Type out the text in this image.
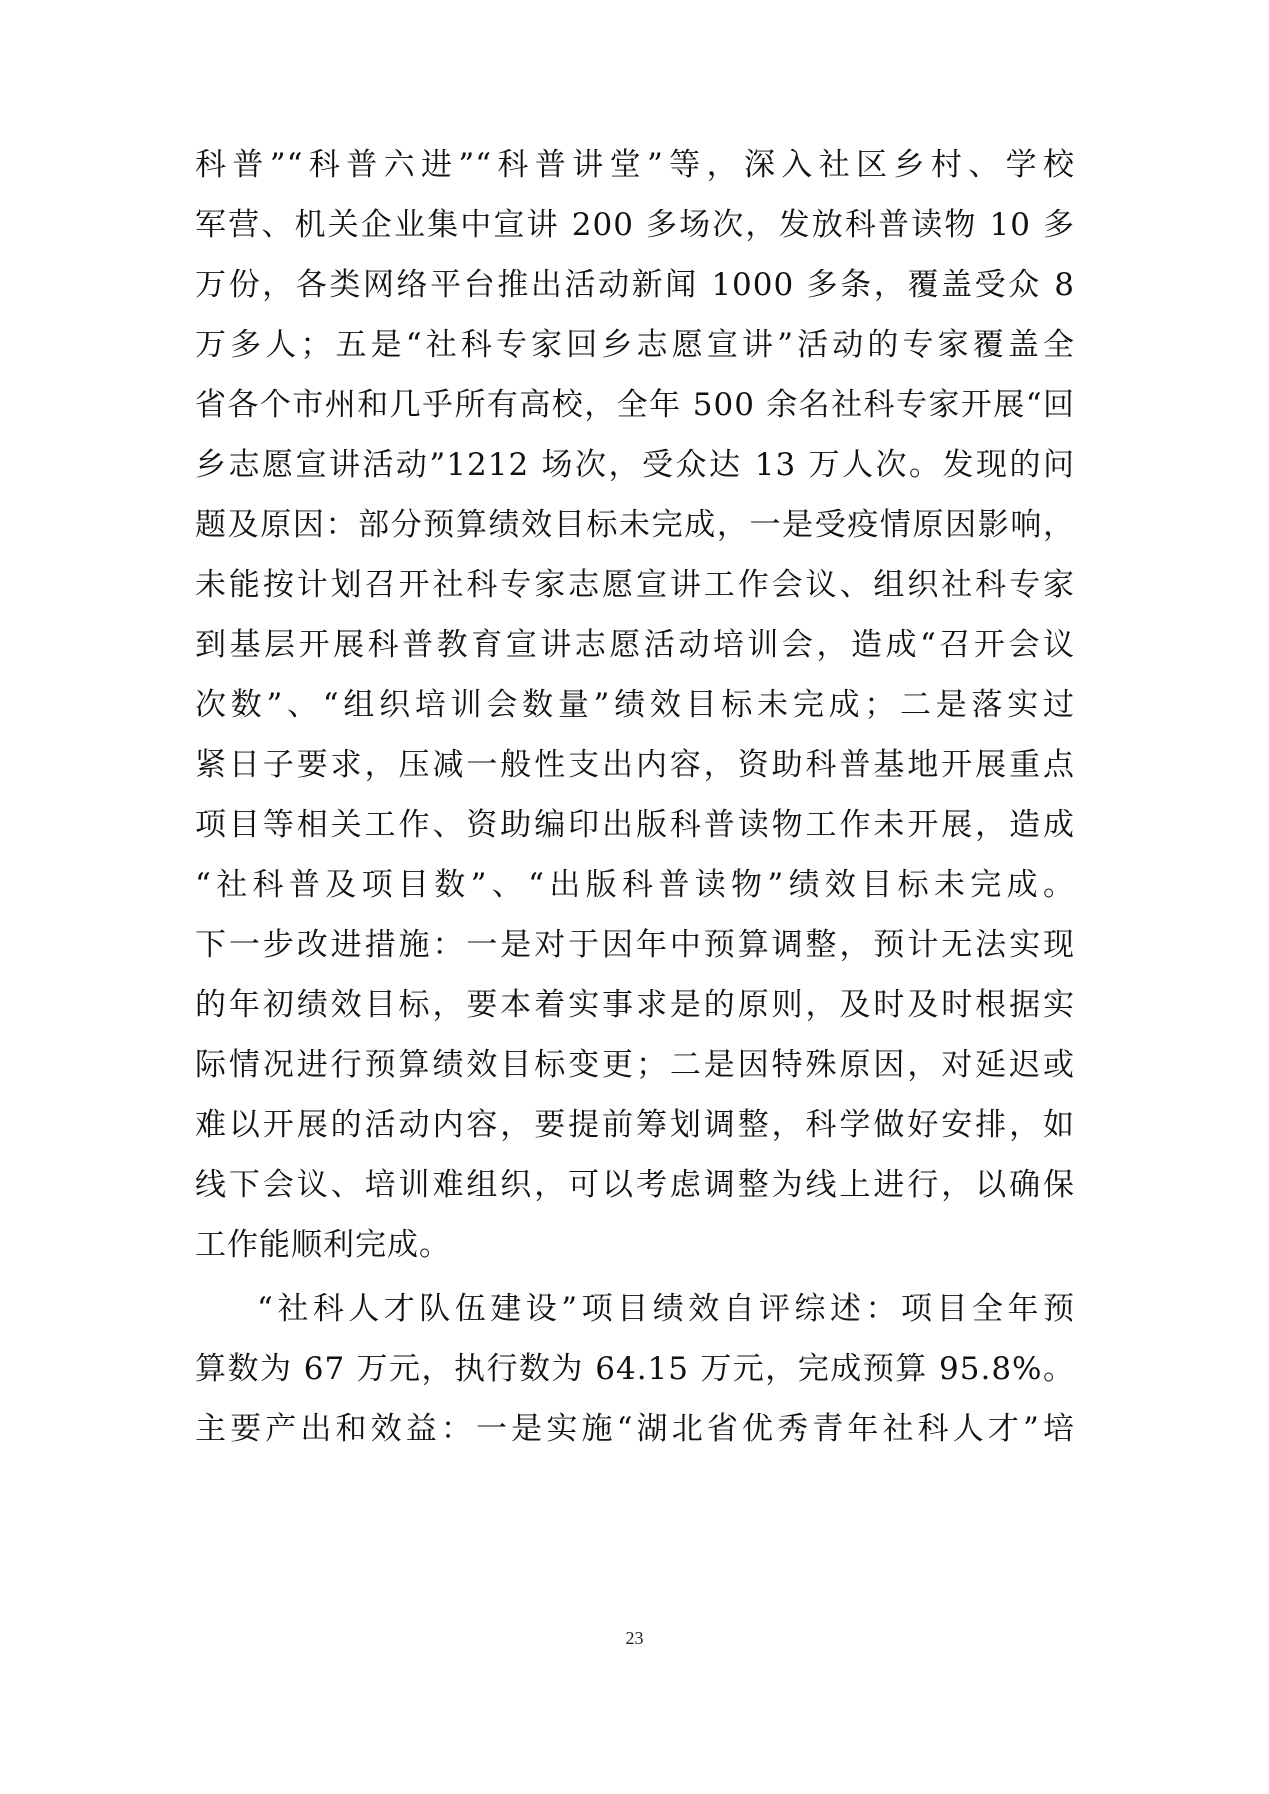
科普”“科普六进”“科普讲堂”等，深入社区乡村、学校
军营、机关企业集中宣讲 200 多场次，发放科普读物 10 多
万份，各类网络平台推出活动新闻 1000 多条，覆盖受众 8
万多人；五是“社科专家回乡志愿宣讲”活动的专家覆盖全
省各个市州和几乎所有高校，全年 500 余名社科专家开展“回
乡志愿宣讲活动”1212 场次，受众达 13 万人次。发现的问
题及原因：部分预算绩效目标未完成，一是受疫情原因影响，
未能按计划召开社科专家志愿宣讲工作会议、组织社科专家
到基层开展科普教育宣讲志愿活动培训会，造成“召开会议
次数”、“组织培训会数量”绩效目标未完成；二是落实过
紧日子要求，压减一般性支出内容，资助科普基地开展重点
项目等相关工作、资助编印出版科普读物工作未开展，造成
“社科普及项目数”、“出版科普读物”绩效目标未完成。
下一步改进措施：一是对于因年中预算调整，预计无法实现
的年初绩效目标，要本着实事求是的原则，及时及时根据实
际情况进行预算绩效目标变更；二是因特殊原因，对延迟或
难以开展的活动内容，要提前筹划调整，科学做好安排，如
线下会议、培训难组织，可以考虑调整为线上进行，以确保
工作能顺利完成。
“社科人才队伍建设”项目绩效自评综述：项目全年预
算数为 67 万元，执行数为 64.15 万元，完成预算 95.8%。
主要产出和效益：一是实施“湖北省优秀青年社科人才”培
23
